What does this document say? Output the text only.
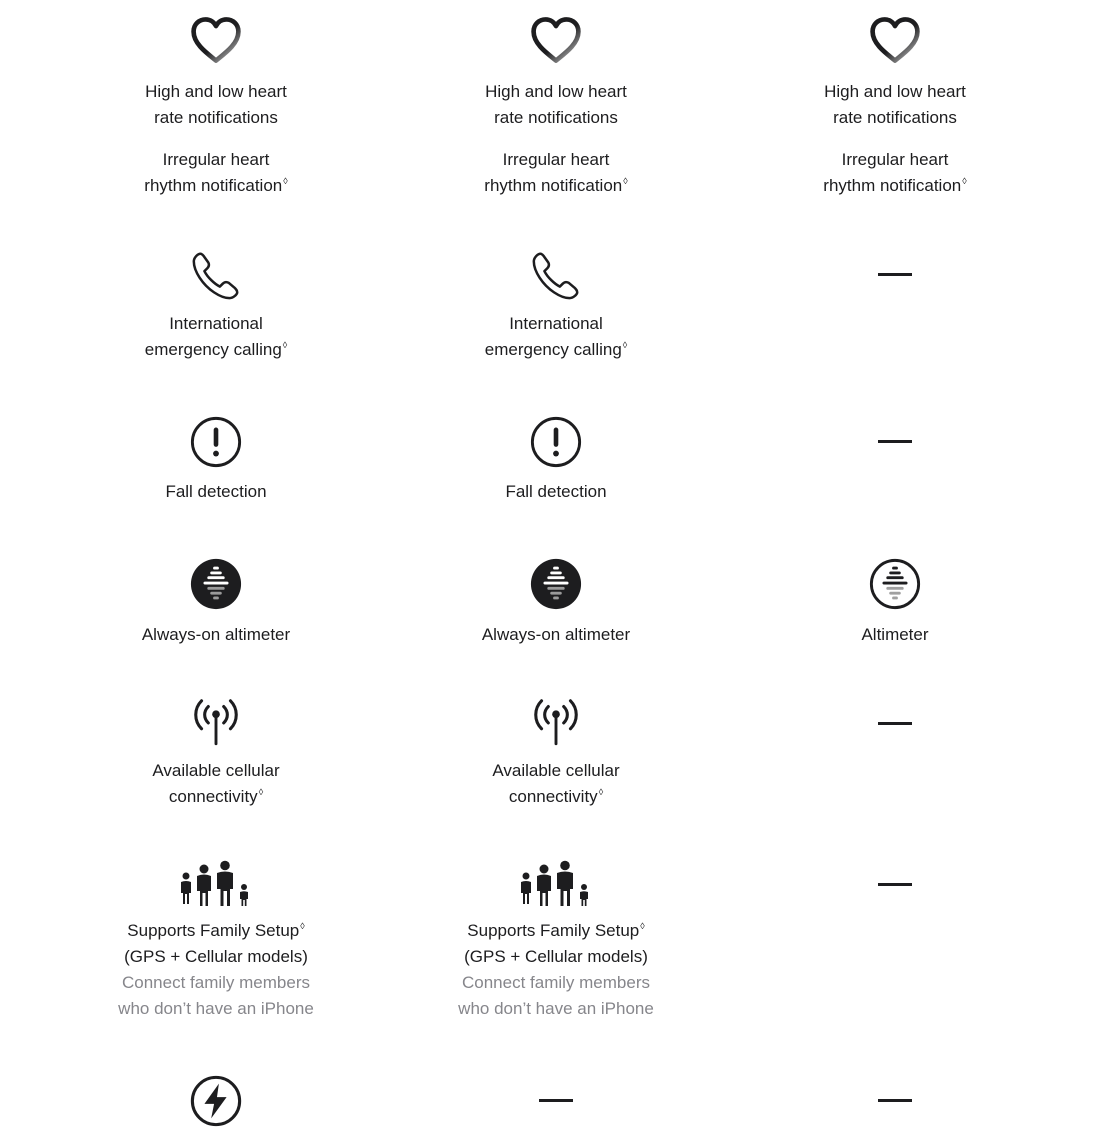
High and low heart
rate notifications
Irregular heart
rhythm notification◊
International
emergency calling◊
Fall detection
Always-on altimeter
Available cellular
connectivity◊
Supports Family Setup◊
(GPS + Cellular models)
Connect family members
who don’t have an iPhone
High and low heart
rate notifications
Irregular heart
rhythm notification◊
International
emergency calling◊
Fall detection
Always-on altimeter
Available cellular
connectivity◊
Supports Family Setup◊
(GPS + Cellular models)
Connect family members
who don’t have an iPhone
High and low heart
rate notifications
Irregular heart
rhythm notification◊
Altimeter
